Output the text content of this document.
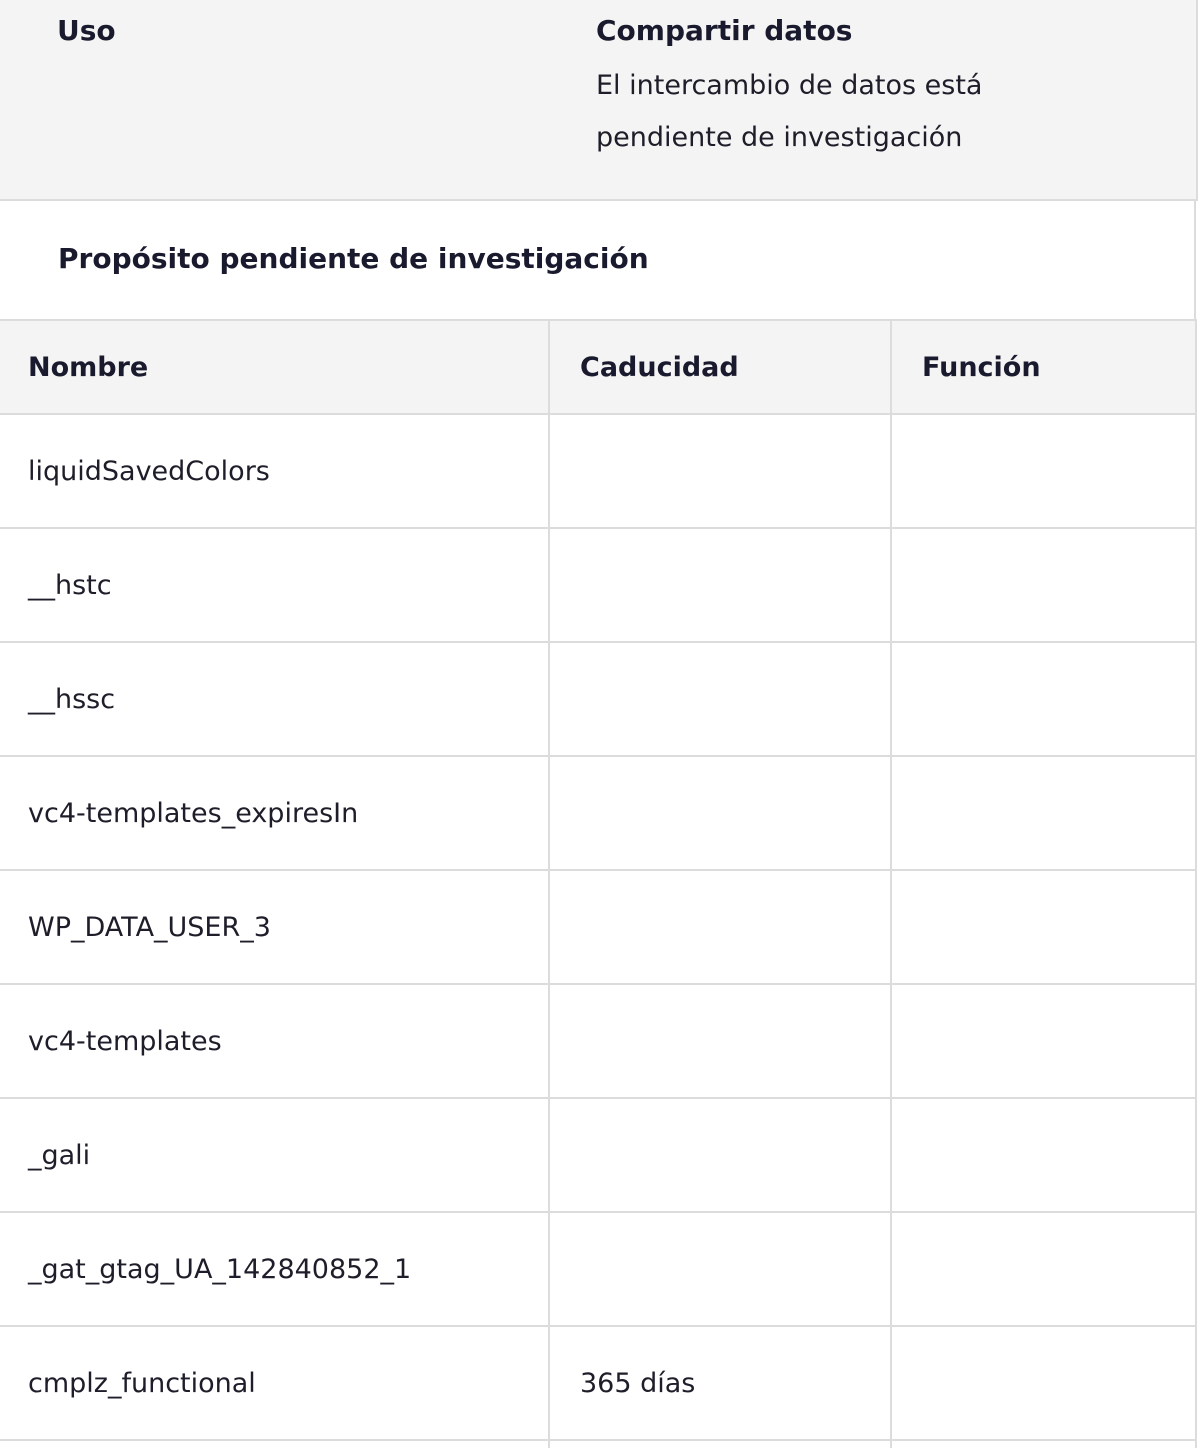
Uso	Compartir datos
El intercambio de datos está pendiente de investigación
Propósito pendiente de investigación
Nombre	Caducidad	Función
liquidSavedColors		
__hstc		
__hssc		
vc4-templates_expiresIn		
WP_DATA_USER_3		
vc4-templates		
_gali		
_gat_gtag_UA_142840852_1		
cmplz_functional	365 días	
